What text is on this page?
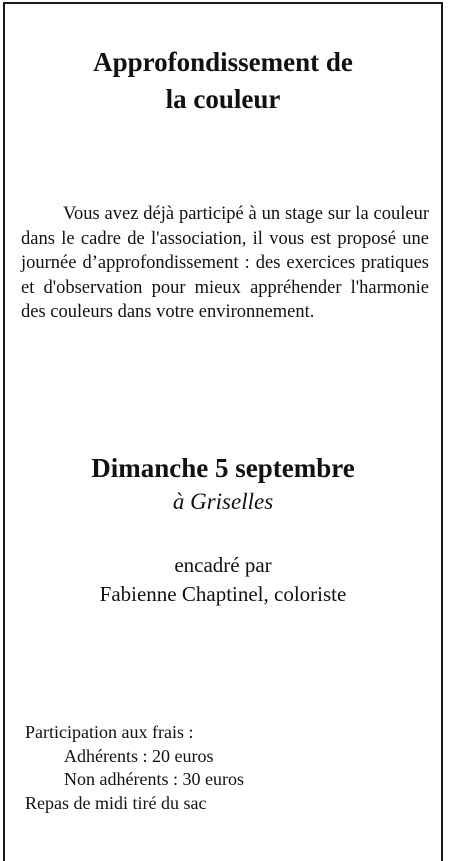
Approfondissement de
la couleur

Vous avez déjà participé à un stage sur la couleur dans le cadre de l'association, il vous est proposé une journée d’approfondissement : des exercices pratiques et d'observation pour mieux appréhender l'harmonie des couleurs dans votre environnement.

Dimanche 5 septembre
à Griselles
encadré par
Fabienne Chaptinel, coloriste
Participation aux frais :
Adhérents : 20 euros
Non adhérents : 30 euros
Repas de midi tiré du sac
